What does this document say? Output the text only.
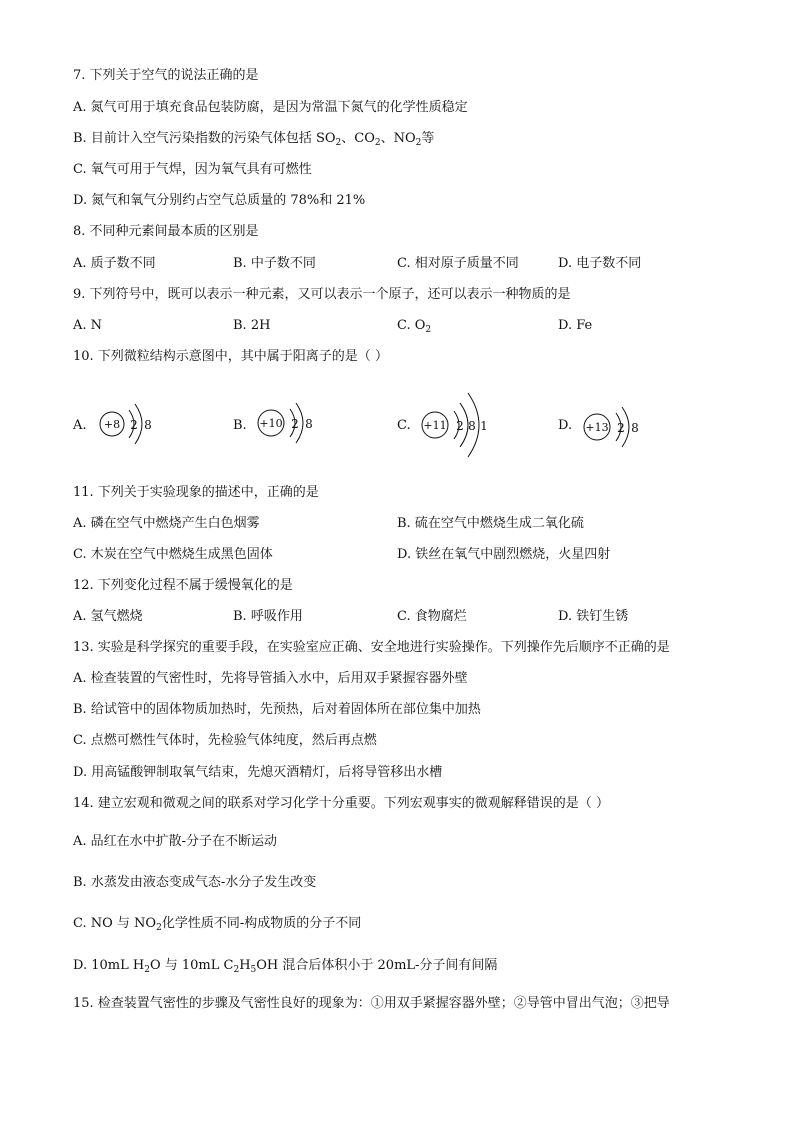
7. 下列关于空气的说法正确的是
A. 氮气可用于填充食品包装防腐，是因为常温下氮气的化学性质稳定
B. 目前计入空气污染指数的污染气体包括 $SO_2$、$CO_2$、$NO_2$等
C. 氧气可用于气焊，因为氧气具有可燃性
D. 氮气和氧气分别约占空气总质量的 78%和 21%
8. 不同种元素间最本质的区别是
A. 质子数不同	B. 中子数不同	C. 相对原子质量不同	D. 电子数不同
9. 下列符号中，既可以表示一种元素，又可以表示一个原子，还可以表示一种物质的是
A. N	B. 2H	C. $O_2$	D. Fe
10. 下列微粒结构示意图中，其中属于阳离子的是（ ）
A. +8 2 8	B. +10 2 8	C. +11 2 8 1	D. +13 2 8
11. 下列关于实验现象的描述中，正确的是
A. 磷在空气中燃烧产生白色烟雾	B. 硫在空气中燃烧生成二氧化硫
C. 木炭在空气中燃烧生成黑色固体	D. 铁丝在氧气中剧烈燃烧，火星四射
12. 下列变化过程不属于缓慢氧化的是
A. 氢气燃烧	B. 呼吸作用	C. 食物腐烂	D. 铁钉生锈
13. 实验是科学探究的重要手段，在实验室应正确、安全地进行实验操作。下列操作先后顺序不正确的是
A. 检查装置的气密性时，先将导管插入水中，后用双手紧握容器外壁
B. 给试管中的固体物质加热时，先预热，后对着固体所在部位集中加热
C. 点燃可燃性气体时，先检验气体纯度，然后再点燃
D. 用高锰酸钾制取氧气结束，先熄灭酒精灯，后将导管移出水槽
14. 建立宏观和微观之间的联系对学习化学十分重要。下列宏观事实的微观解释错误的是（ ）
A. 品红在水中扩散-分子在不断运动
B. 水蒸发由液态变成气态-水分子发生改变
C. NO 与 $NO_2$化学性质不同-构成物质的分子不同
D. 10mL $H_2O$ 与 10mL $C_2H_5OH$ 混合后体积小于 20mL-分子间有间隔
15. 检查装置气密性的步骤及气密性良好的现象为：①用双手紧握容器外壁；②导管中冒出气泡；③把导
